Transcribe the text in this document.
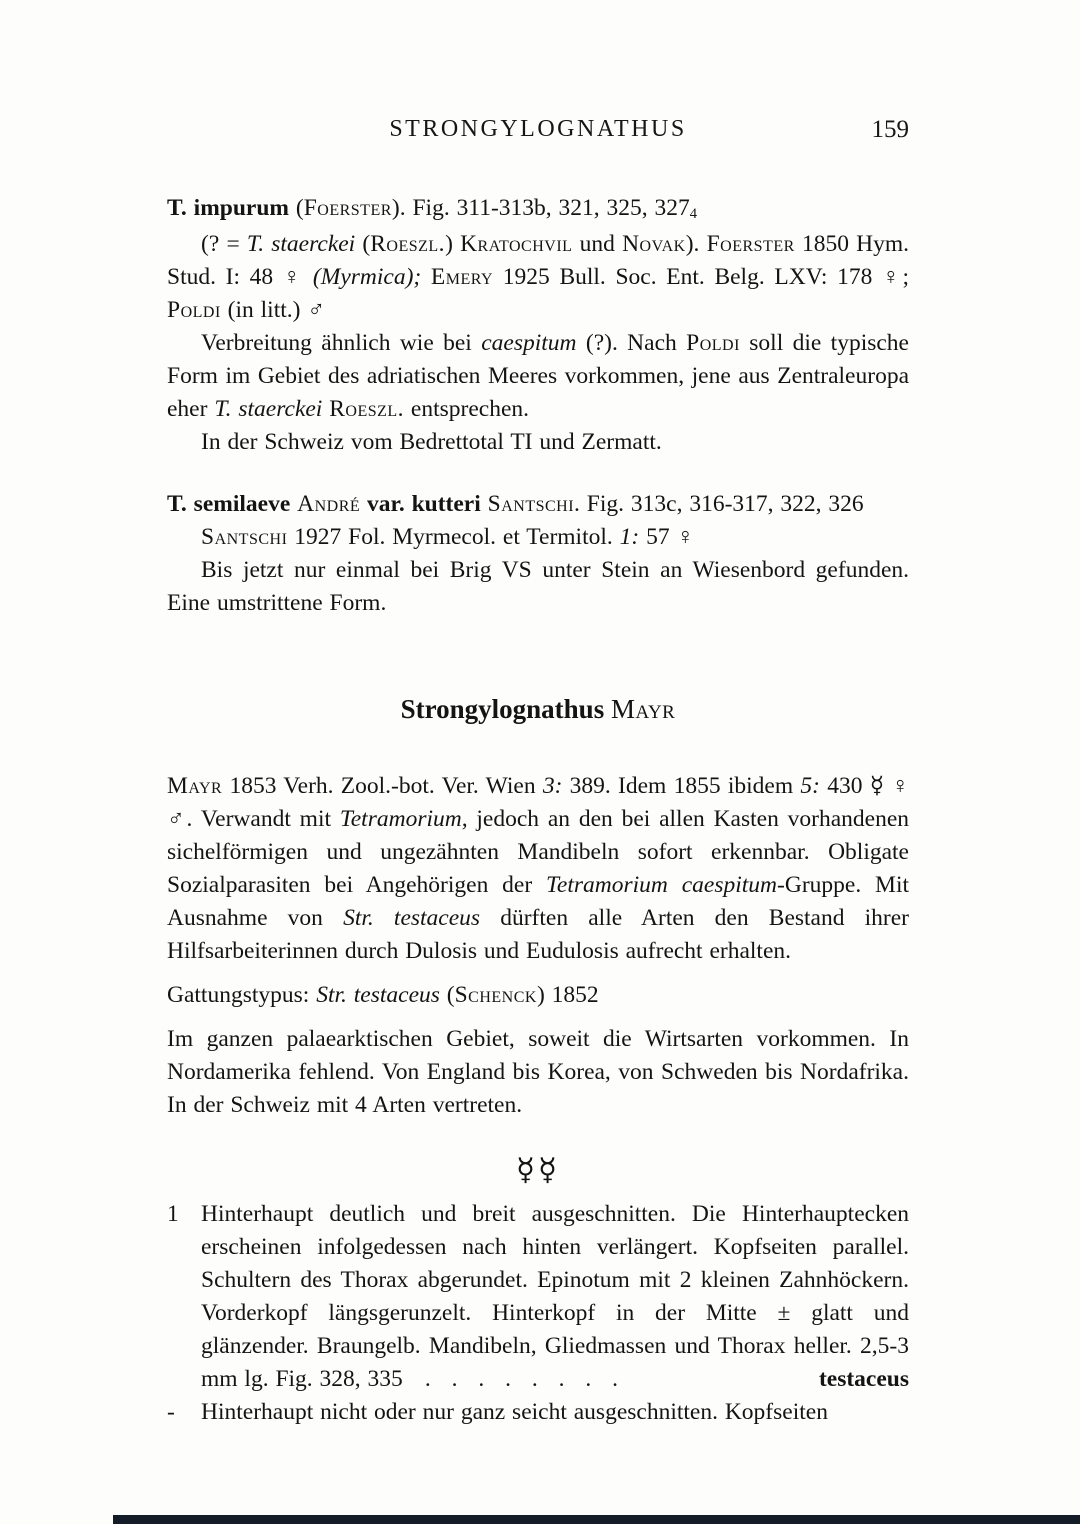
STRONGYLOGNATHUS	159

T. impurum (Foerster). Fig. 311-313b, 321, 325, 3274

(? = T. staerckei (Roeszl.) Kratochvil und Novak). Foerster 1850 Hym. Stud. I: 48 ♀ (Myrmica); Emery 1925 Bull. Soc. Ent. Belg. LXV: 178 ♀; Poldi (in litt.) ♂

Verbreitung ähnlich wie bei caespitum (?). Nach Poldi soll die typische Form im Gebiet des adriatischen Meeres vorkommen, jene aus Zentraleuropa eher T. staerckei Roeszl. entsprechen.

In der Schweiz vom Bedrettotal TI und Zermatt.

T. semilaeve André var. kutteri Santschi. Fig. 313c, 316-317, 322, 326

Santschi 1927 Fol. Myrmecol. et Termitol. 1: 57 ♀

Bis jetzt nur einmal bei Brig VS unter Stein an Wiesenbord gefunden. Eine umstrittene Form.

Strongylognathus Mayr

Mayr 1853 Verh. Zool.-bot. Ver. Wien 3: 389. Idem 1855 ibidem 5: 430 ☿ ♀ ♂. Verwandt mit Tetramorium, jedoch an den bei allen Kasten vorhandenen sichelförmigen und ungezähnten Mandibeln sofort erkennbar. Obligate Sozialparasiten bei Angehörigen der Tetramorium caespitum-Gruppe. Mit Ausnahme von Str. testaceus dürften alle Arten den Bestand ihrer Hilfsarbeiterinnen durch Dulosis und Eudulosis aufrecht erhalten.

Gattungstypus: Str. testaceus (Schenck) 1852

Im ganzen palaearktischen Gebiet, soweit die Wirtsarten vorkommen. In Nordamerika fehlend. Von England bis Korea, von Schweden bis Nordafrika. In der Schweiz mit 4 Arten vertreten.

☿☿

1 Hinterhaupt deutlich und breit ausgeschnitten. Die Hinterhauptecken erscheinen infolgedessen nach hinten verlängert. Kopfseiten parallel. Schultern des Thorax abgerundet. Epinotum mit 2 kleinen Zahnhöckern. Vorderkopf längsgerunzelt. Hinterkopf in der Mitte ± glatt und glänzender. Braungelb. Mandibeln, Gliedmassen und Thorax heller. 2,5-3 mm lg. Fig. 328, 335	testaceus
. . . . . . . .

- Hinterhaupt nicht oder nur ganz seicht ausgeschnitten. Kopfseiten
